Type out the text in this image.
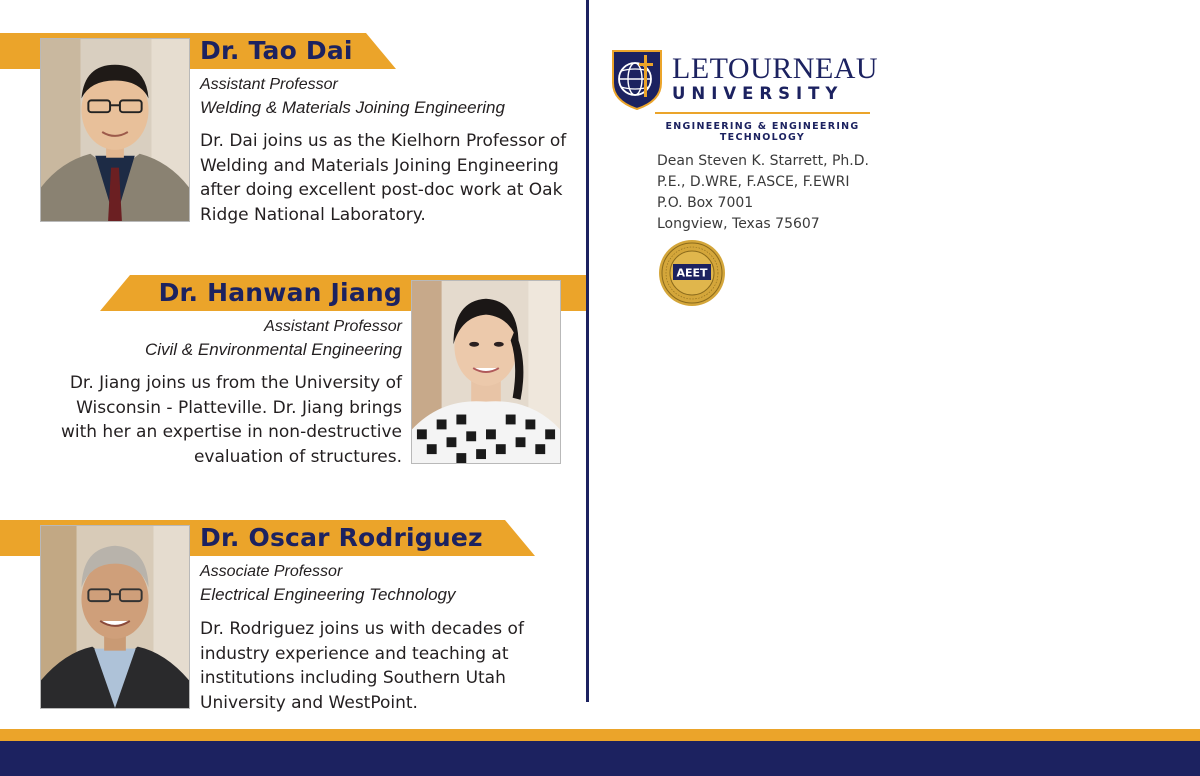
Dr. Tao Dai
Assistant Professor
Welding & Materials Joining Engineering
Dr. Dai joins us as the Kielhorn Professor of
Welding and Materials Joining Engineering
after doing excellent post-doc work at Oak
Ridge National Laboratory.
Dr. Hanwan Jiang
Assistant Professor
Civil & Environmental Engineering
Dr. Jiang joins us from the University of
Wisconsin - Platteville. Dr. Jiang brings
with her an expertise in non-destructive
evaluation of structures.
Dr. Oscar Rodriguez
Associate Professor
Electrical Engineering Technology
Dr. Rodriguez joins us with decades of
industry experience and teaching at
institutions including Southern Utah
University and WestPoint.
LETOURNEAU
UNIVERSITY
ENGINEERING & ENGINEERING
TECHNOLOGY
Dean Steven K. Starrett, Ph.D.
P.E., D.WRE, F.ASCE, F.EWRI
P.O. Box 7001
Longview, Texas 75607
AEET
